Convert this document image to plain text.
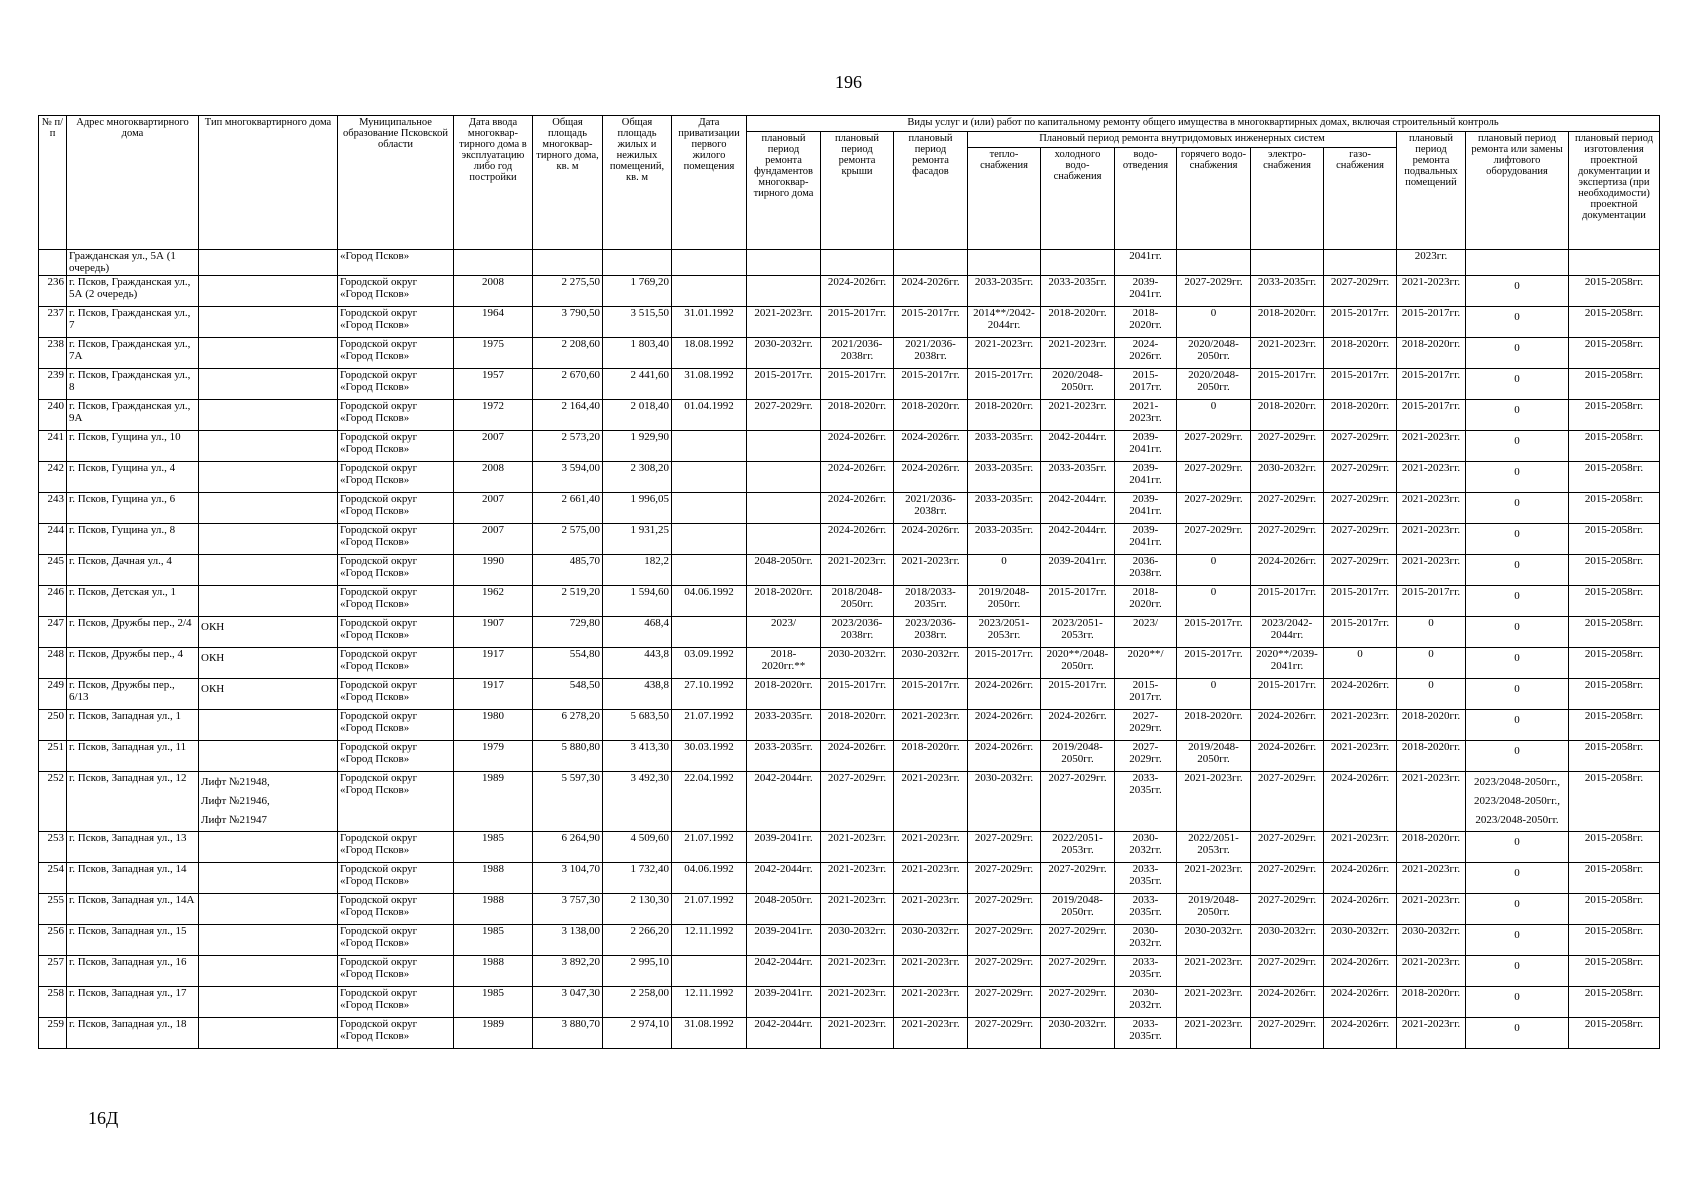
196
№ п/п	Адрес многоквартирного дома	Тип многоквартирного дома	Муниципальное образование Псковской области	Дата ввода многоквар-тирного дома в эксплуатацию либо год постройки	Общая площадь многоквар-тирного дома, кв. м	Общая площадь жилых и нежилых помещений, кв. м	Дата приватизации первого жилого помещения	Виды услуг и (или) работ по капитальному ремонту общего имущества в многоквартирных домах, включая строительный контроль											
								плановый период ремонта фундаментов многоквар-тирного дома	плановый период ремонта крыши	плановый период ремонта фасадов	Плановый период ремонта внутридомовых инженерных систем						плановый период ремонта подвальных помещений	плановый период ремонта или замены лифтового оборудования	плановый период изготовления проектной документации и экспертиза (при необходимости) проектной документации
											тепло-снабжения	холодного водо-снабжения	водо-отведения	горячего водо-снабжения	электро-снабжения	газо-снабжения			
	Гражданская ул., 5А (1 очередь)		«Город Псков»										2041гг.				2023гг.		
236	г. Псков, Гражданская ул., 5А (2 очередь)		Городской округ «Город Псков»	2008	2 275,50	1 769,20			2024-2026гг.	2024-2026гг.	2033-2035гг.	2033-2035гг.	2039-2041гг.	2027-2029гг.	2033-2035гг.	2027-2029гг.	2021-2023гг.	0	2015-2058гг.
237	г. Псков, Гражданская ул., 7		Городской округ «Город Псков»	1964	3 790,50	3 515,50	31.01.1992	2021-2023гг.	2015-2017гг.	2015-2017гг.	2014**/2042-2044гг.	2018-2020гг.	2018-2020гг.	0	2018-2020гг.	2015-2017гг.	2015-2017гг.	0	2015-2058гг.
238	г. Псков, Гражданская ул., 7А		Городской округ «Город Псков»	1975	2 208,60	1 803,40	18.08.1992	2030-2032гг.	2021/2036-2038гг.	2021/2036-2038гг.	2021-2023гг.	2021-2023гг.	2024-2026гг.	2020/2048-2050гг.	2021-2023гг.	2018-2020гг.	2018-2020гг.	0	2015-2058гг.
239	г. Псков, Гражданская ул., 8		Городской округ «Город Псков»	1957	2 670,60	2 441,60	31.08.1992	2015-2017гг.	2015-2017гг.	2015-2017гг.	2015-2017гг.	2020/2048-2050гг.	2015-2017гг.	2020/2048-2050гг.	2015-2017гг.	2015-2017гг.	2015-2017гг.	0	2015-2058гг.
240	г. Псков, Гражданская ул., 9А		Городской округ «Город Псков»	1972	2 164,40	2 018,40	01.04.1992	2027-2029гг.	2018-2020гг.	2018-2020гг.	2018-2020гг.	2021-2023гг.	2021-2023гг.	0	2018-2020гг.	2018-2020гг.	2015-2017гг.	0	2015-2058гг.
241	г. Псков, Гущина ул., 10		Городской округ «Город Псков»	2007	2 573,20	1 929,90			2024-2026гг.	2024-2026гг.	2033-2035гг.	2042-2044гг.	2039-2041гг.	2027-2029гг.	2027-2029гг.	2027-2029гг.	2021-2023гг.	0	2015-2058гг.
242	г. Псков, Гущина ул., 4		Городской округ «Город Псков»	2008	3 594,00	2 308,20			2024-2026гг.	2024-2026гг.	2033-2035гг.	2033-2035гг.	2039-2041гг.	2027-2029гг.	2030-2032гг.	2027-2029гг.	2021-2023гг.	0	2015-2058гг.
243	г. Псков, Гущина ул., 6		Городской округ «Город Псков»	2007	2 661,40	1 996,05			2024-2026гг.	2021/2036-2038гг.	2033-2035гг.	2042-2044гг.	2039-2041гг.	2027-2029гг.	2027-2029гг.	2027-2029гг.	2021-2023гг.	0	2015-2058гг.
244	г. Псков, Гущина ул., 8		Городской округ «Город Псков»	2007	2 575,00	1 931,25			2024-2026гг.	2024-2026гг.	2033-2035гг.	2042-2044гг.	2039-2041гг.	2027-2029гг.	2027-2029гг.	2027-2029гг.	2021-2023гг.	0	2015-2058гг.
245	г. Псков, Дачная ул., 4		Городской округ «Город Псков»	1990	485,70	182,2		2048-2050гг.	2021-2023гг.	2021-2023гг.	0	2039-2041гг.	2036-2038гг.	0	2024-2026гг.	2027-2029гг.	2021-2023гг.	0	2015-2058гг.
246	г. Псков, Детская ул., 1		Городской округ «Город Псков»	1962	2 519,20	1 594,60	04.06.1992	2018-2020гг.	2018/2048-2050гг.	2018/2033-2035гг.	2019/2048-2050гг.	2015-2017гг.	2018-2020гг.	0	2015-2017гг.	2015-2017гг.	2015-2017гг.	0	2015-2058гг.
247	г. Псков, Дружбы пер., 2/4	ОКН	Городской округ «Город Псков»	1907	729,80	468,4		2023/	2023/2036-2038гг.	2023/2036-2038гг.	2023/2051-2053гг.	2023/2051-2053гг.	2023/	2015-2017гг.	2023/2042-2044гг.	2015-2017гг.	0	0	2015-2058гг.
248	г. Псков, Дружбы пер., 4	ОКН	Городской округ «Город Псков»	1917	554,80	443,8	03.09.1992	2018-2020гг.**	2030-2032гг.	2030-2032гг.	2015-2017гг.	2020**/2048-2050гг.	2020**/	2015-2017гг.	2020**/2039-2041гг.	0	0	0	2015-2058гг.
249	г. Псков, Дружбы пер., 6/13	ОКН	Городской округ «Город Псков»	1917	548,50	438,8	27.10.1992	2018-2020гг.	2015-2017гг.	2015-2017гг.	2024-2026гг.	2015-2017гг.	2015-2017гг.	0	2015-2017гг.	2024-2026гг.	0	0	2015-2058гг.
250	г. Псков, Западная ул., 1		Городской округ «Город Псков»	1980	6 278,20	5 683,50	21.07.1992	2033-2035гг.	2018-2020гг.	2021-2023гг.	2024-2026гг.	2024-2026гг.	2027-2029гг.	2018-2020гг.	2024-2026гг.	2021-2023гг.	2018-2020гг.	0	2015-2058гг.
251	г. Псков, Западная ул., 11		Городской округ «Город Псков»	1979	5 880,80	3 413,30	30.03.1992	2033-2035гг.	2024-2026гг.	2018-2020гг.	2024-2026гг.	2019/2048-2050гг.	2027-2029гг.	2019/2048-2050гг.	2024-2026гг.	2021-2023гг.	2018-2020гг.	0	2015-2058гг.
252	г. Псков, Западная ул., 12	Лифт №21948,
Лифт №21946,
Лифт №21947	Городской округ «Город Псков»	1989	5 597,30	3 492,30	22.04.1992	2042-2044гг.	2027-2029гг.	2021-2023гг.	2030-2032гг.	2027-2029гг.	2033-2035гг.	2021-2023гг.	2027-2029гг.	2024-2026гг.	2021-2023гг.	2023/2048-2050гг.,
2023/2048-2050гг.,
2023/2048-2050гг.	2015-2058гг.
253	г. Псков, Западная ул., 13		Городской округ «Город Псков»	1985	6 264,90	4 509,60	21.07.1992	2039-2041гг.	2021-2023гг.	2021-2023гг.	2027-2029гг.	2022/2051-2053гг.	2030-2032гг.	2022/2051-2053гг.	2027-2029гг.	2021-2023гг.	2018-2020гг.	0	2015-2058гг.
254	г. Псков, Западная ул., 14		Городской округ «Город Псков»	1988	3 104,70	1 732,40	04.06.1992	2042-2044гг.	2021-2023гг.	2021-2023гг.	2027-2029гг.	2027-2029гг.	2033-2035гг.	2021-2023гг.	2027-2029гг.	2024-2026гг.	2021-2023гг.	0	2015-2058гг.
255	г. Псков, Западная ул., 14А		Городской округ «Город Псков»	1988	3 757,30	2 130,30	21.07.1992	2048-2050гг.	2021-2023гг.	2021-2023гг.	2027-2029гг.	2019/2048-2050гг.	2033-2035гг.	2019/2048-2050гг.	2027-2029гг.	2024-2026гг.	2021-2023гг.	0	2015-2058гг.
256	г. Псков, Западная ул., 15		Городской округ «Город Псков»	1985	3 138,00	2 266,20	12.11.1992	2039-2041гг.	2030-2032гг.	2030-2032гг.	2027-2029гг.	2027-2029гг.	2030-2032гг.	2030-2032гг.	2030-2032гг.	2030-2032гг.	2030-2032гг.	0	2015-2058гг.
257	г. Псков, Западная ул., 16		Городской округ «Город Псков»	1988	3 892,20	2 995,10		2042-2044гг.	2021-2023гг.	2021-2023гг.	2027-2029гг.	2027-2029гг.	2033-2035гг.	2021-2023гг.	2027-2029гг.	2024-2026гг.	2021-2023гг.	0	2015-2058гг.
258	г. Псков, Западная ул., 17		Городской округ «Город Псков»	1985	3 047,30	2 258,00	12.11.1992	2039-2041гг.	2021-2023гг.	2021-2023гг.	2027-2029гг.	2027-2029гг.	2030-2032гг.	2021-2023гг.	2024-2026гг.	2024-2026гг.	2018-2020гг.	0	2015-2058гг.
259	г. Псков, Западная ул., 18		Городской округ «Город Псков»	1989	3 880,70	2 974,10	31.08.1992	2042-2044гг.	2021-2023гг.	2021-2023гг.	2027-2029гг.	2030-2032гг.	2033-2035гг.	2021-2023гг.	2027-2029гг.	2024-2026гг.	2021-2023гг.	0	2015-2058гг.
16Д
